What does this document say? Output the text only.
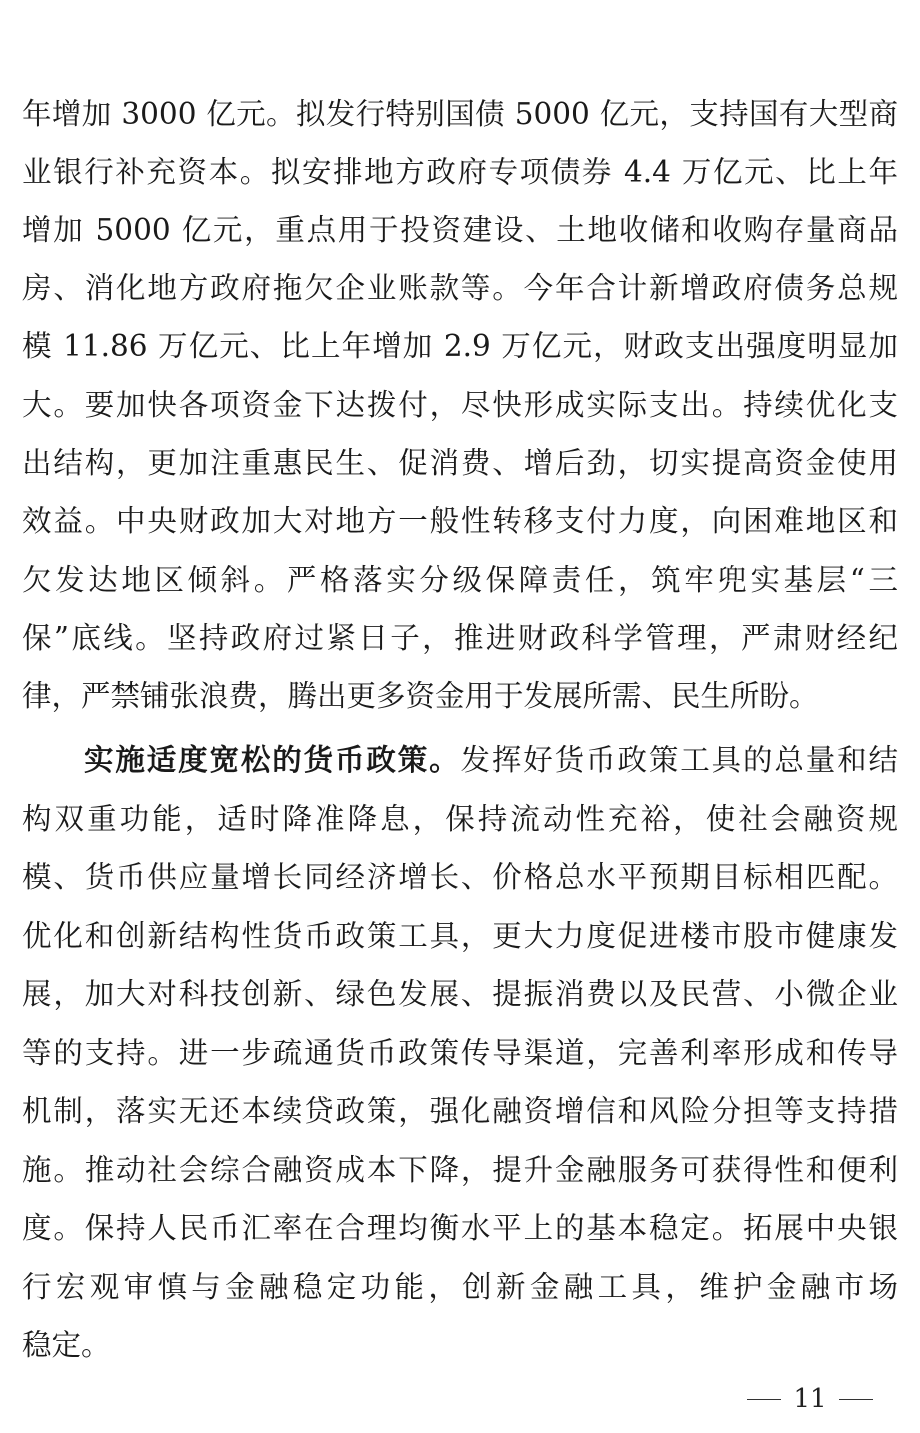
年增加 3000 亿元。拟发行特别国债 5000 亿元，支持国有大型商
业银行补充资本。拟安排地方政府专项债券 4.4 万亿元、比上年
增加 5000 亿元，重点用于投资建设、土地收储和收购存量商品
房、消化地方政府拖欠企业账款等。今年合计新增政府债务总规
模 11.86 万亿元、比上年增加 2.9 万亿元，财政支出强度明显加
大。要加快各项资金下达拨付，尽快形成实际支出。持续优化支
出结构，更加注重惠民生、促消费、增后劲，切实提高资金使用
效益。中央财政加大对地方一般性转移支付力度，向困难地区和
欠发达地区倾斜。严格落实分级保障责任，筑牢兜实基层“三
保”底线。坚持政府过紧日子，推进财政科学管理，严肃财经纪
律，严禁铺张浪费，腾出更多资金用于发展所需、民生所盼。
实施适度宽松的货币政策。发挥好货币政策工具的总量和结
构双重功能，适时降准降息，保持流动性充裕，使社会融资规
模、货币供应量增长同经济增长、价格总水平预期目标相匹配。
优化和创新结构性货币政策工具，更大力度促进楼市股市健康发
展，加大对科技创新、绿色发展、提振消费以及民营、小微企业
等的支持。进一步疏通货币政策传导渠道，完善利率形成和传导
机制，落实无还本续贷政策，强化融资增信和风险分担等支持措
施。推动社会综合融资成本下降，提升金融服务可获得性和便利
度。保持人民币汇率在合理均衡水平上的基本稳定。拓展中央银
行宏观审慎与金融稳定功能，创新金融工具，维护金融市场
稳定。
11
